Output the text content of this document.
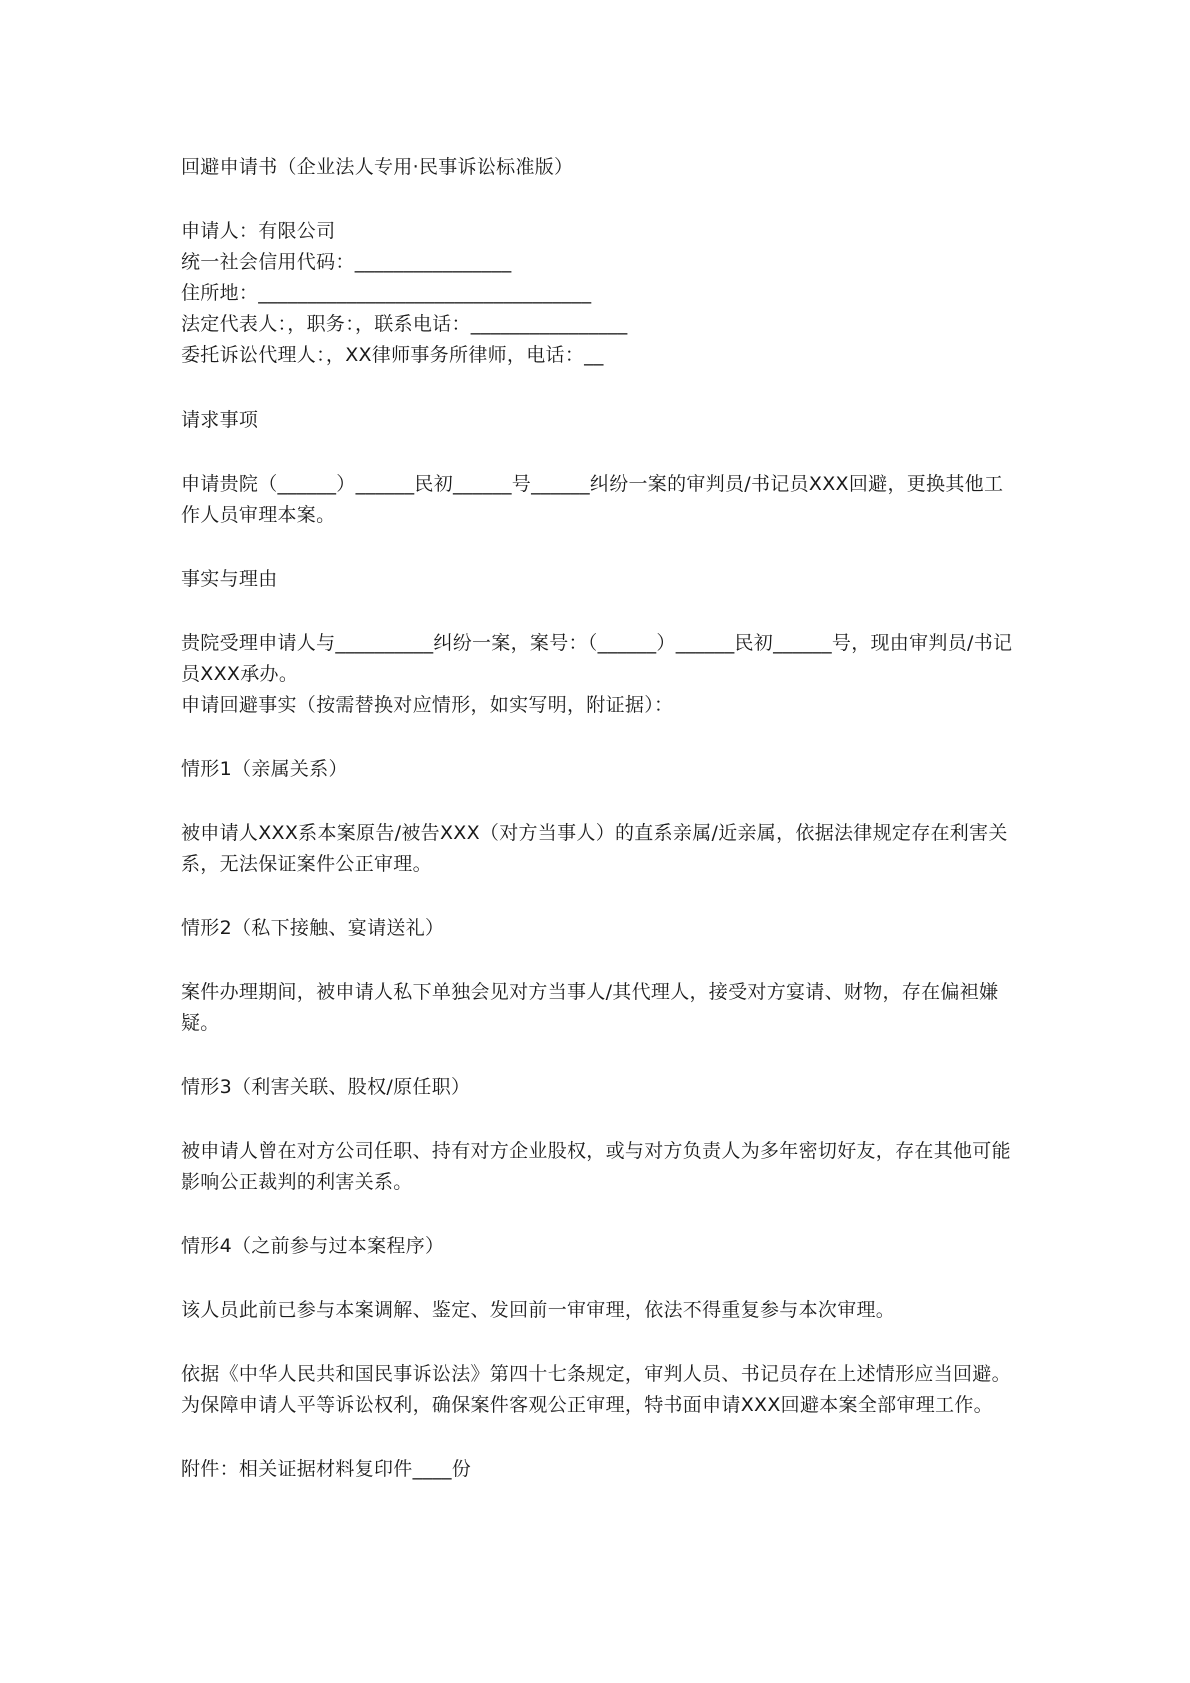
回避申请书（企业法人专用·民事诉讼标准版）

申请人：有限公司

统一社会信用代码：________________

住所地：__________________________________

法定代表人：，职务：，联系电话：________________

委托诉讼代理人：，XX律师事务所律师，电话：__

请求事项

申请贵院（______）______民初______号______纠纷一案的审判员/书记员XXX回避，更换其他工作人员审理本案。

事实与理由

贵院受理申请人与__________纠纷一案，案号：（______）______民初______号，现由审判员/书记员XXX承办。

申请回避事实（按需替换对应情形，如实写明，附证据）：

情形1（亲属关系）

被申请人XXX系本案原告/被告XXX（对方当事人）的直系亲属/近亲属，依据法律规定存在利害关系，无法保证案件公正审理。

情形2（私下接触、宴请送礼）

案件办理期间，被申请人私下单独会见对方当事人/其代理人，接受对方宴请、财物，存在偏袒嫌疑。

情形3（利害关联、股权/原任职）

被申请人曾在对方公司任职、持有对方企业股权，或与对方负责人为多年密切好友，存在其他可能影响公正裁判的利害关系。

情形4（之前参与过本案程序）

该人员此前已参与本案调解、鉴定、发回前一审审理，依法不得重复参与本次审理。

依据《中华人民共和国民事诉讼法》第四十七条规定，审判人员、书记员存在上述情形应当回避。为保障申请人平等诉讼权利，确保案件客观公正审理，特书面申请XXX回避本案全部审理工作。

附件：相关证据材料复印件____份
